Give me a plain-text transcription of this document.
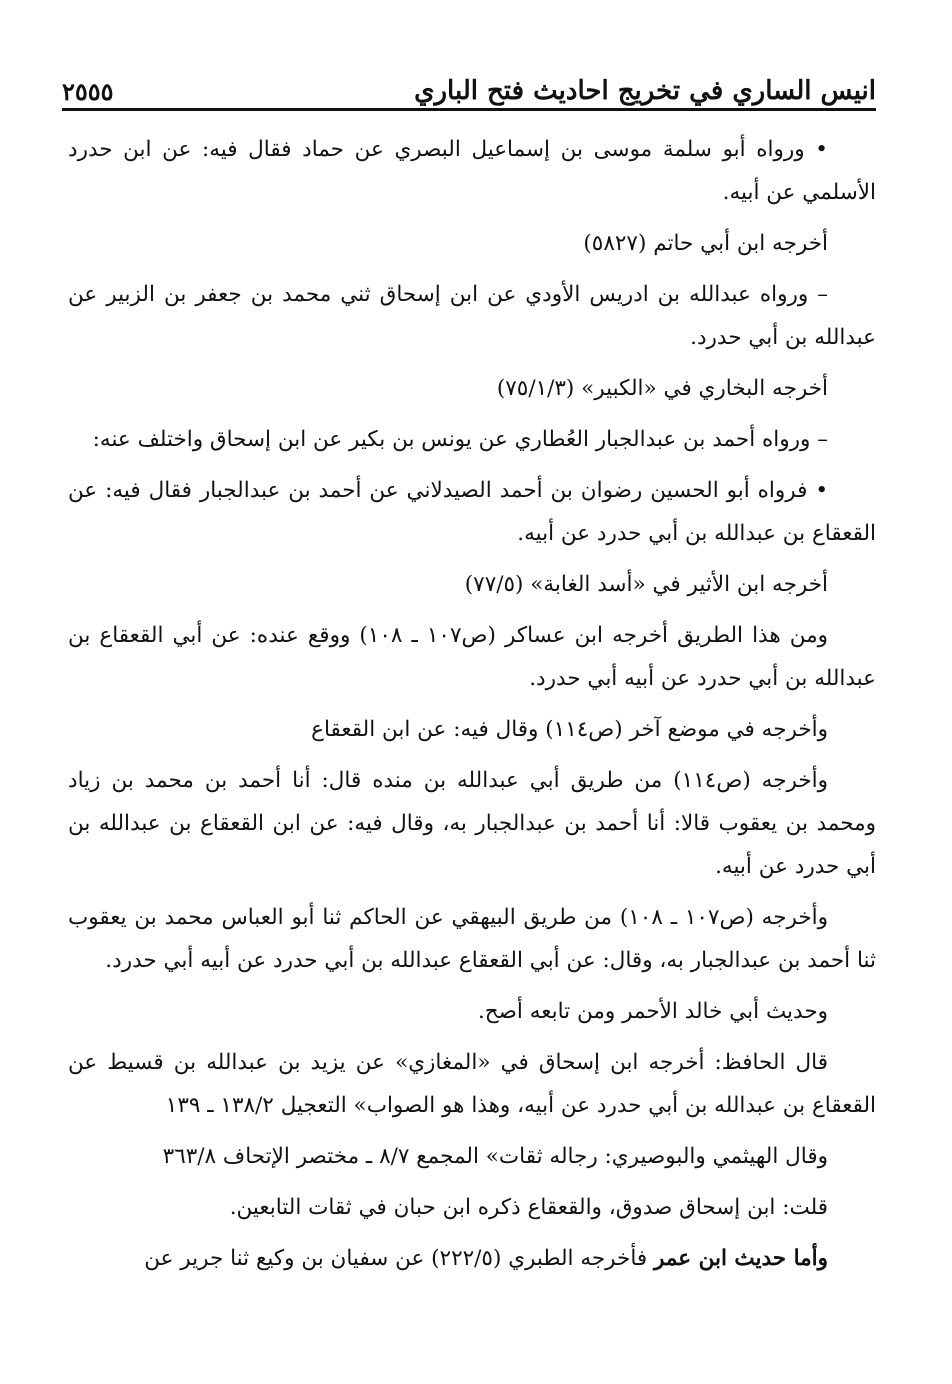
انيس الساري في تخريج احاديث فتح الباري
٢٥٥٥

• ورواه أبو سلمة موسى بن إسماعيل البصري عن حماد فقال فيه: عن ابن حدرد الأسلمي عن أبيه.

أخرجه ابن أبي حاتم (٥٨٢٧)

– ورواه عبدالله بن ادريس الأودي عن ابن إسحاق ثني محمد بن جعفر بن الزبير عن عبدالله بن أبي حدرد.

أخرجه البخاري في «الكبير» (٧٥/١/٣)

– ورواه أحمد بن عبدالجبار العُطاري عن يونس بن بكير عن ابن إسحاق واختلف عنه:

• فرواه أبو الحسين رضوان بن أحمد الصيدلاني عن أحمد بن عبدالجبار فقال فيه: عن القعقاع بن عبدالله بن أبي حدرد عن أبيه.

أخرجه ابن الأثير في «أسد الغابة» (٧٧/٥)

ومن هذا الطريق أخرجه ابن عساكر (ص١٠٧ ـ ١٠٨) ووقع عنده: عن أبي القعقاع بن عبدالله بن أبي حدرد عن أبيه أبي حدرد.

وأخرجه في موضع آخر (ص١١٤) وقال فيه: عن ابن القعقاع

وأخرجه (ص١١٤) من طريق أبي عبدالله بن منده قال: أنا أحمد بن محمد بن زياد ومحمد بن يعقوب قالا: أنا أحمد بن عبدالجبار به، وقال فيه: عن ابن القعقاع بن عبدالله بن أبي حدرد عن أبيه.

وأخرجه (ص١٠٧ ـ ١٠٨) من طريق البيهقي عن الحاكم ثنا أبو العباس محمد بن يعقوب ثنا أحمد بن عبدالجبار به، وقال: عن أبي القعقاع عبدالله بن أبي حدرد عن أبيه أبي حدرد.

وحديث أبي خالد الأحمر ومن تابعه أصح.

قال الحافظ: أخرجه ابن إسحاق في «المغازي» عن يزيد بن عبدالله بن قسيط عن القعقاع بن عبدالله بن أبي حدرد عن أبيه، وهذا هو الصواب» التعجيل ١٣٨/٢ ـ ١٣٩

وقال الهيثمي والبوصيري: رجاله ثقات» المجمع ٨/٧ ـ مختصر الإتحاف ٣٦٣/٨

قلت: ابن إسحاق صدوق، والقعقاع ذكره ابن حبان في ثقات التابعين.

وأما حديث ابن عمر فأخرجه الطبري (٢٢٢/٥) عن سفيان بن وكيع ثنا جرير عن
